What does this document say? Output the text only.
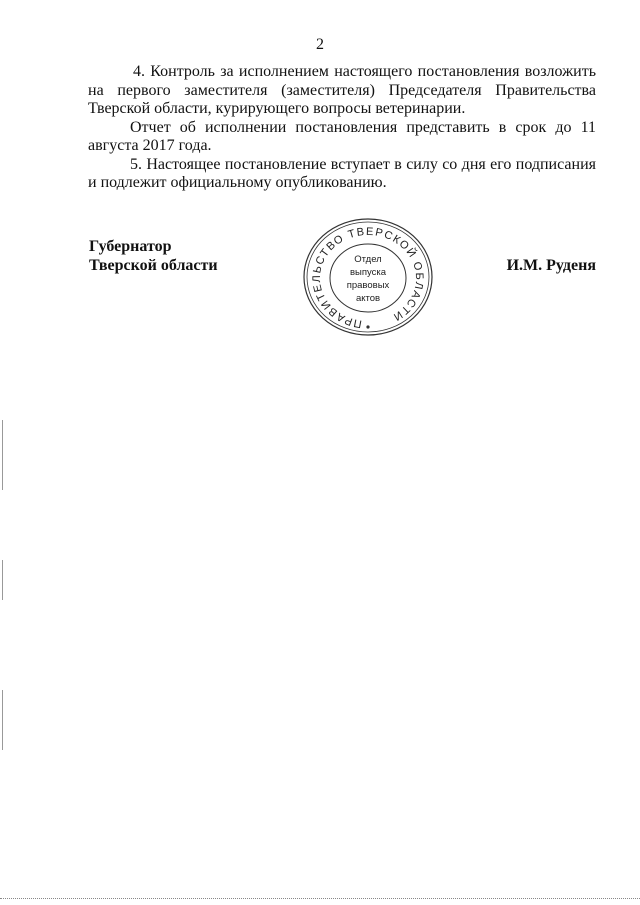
2

4. Контроль за исполнением настоящего постановления возложить на первого заместителя (заместителя) Председателя Правительства Тверской области, курирующего вопросы ветеринарии.

Отчет об исполнении постановления представить в срок до 11 августа 2017 года.

5. Настоящее постановление вступает в силу со дня его подписания и подлежит официальному опубликованию.

Губернатор
Тверской области
ПРАВИТЕЛЬСТВО ТВЕРСКОЙ ОБЛАСТИ
Отдел
выпуска
правовых
актов
И.М. Руденя
